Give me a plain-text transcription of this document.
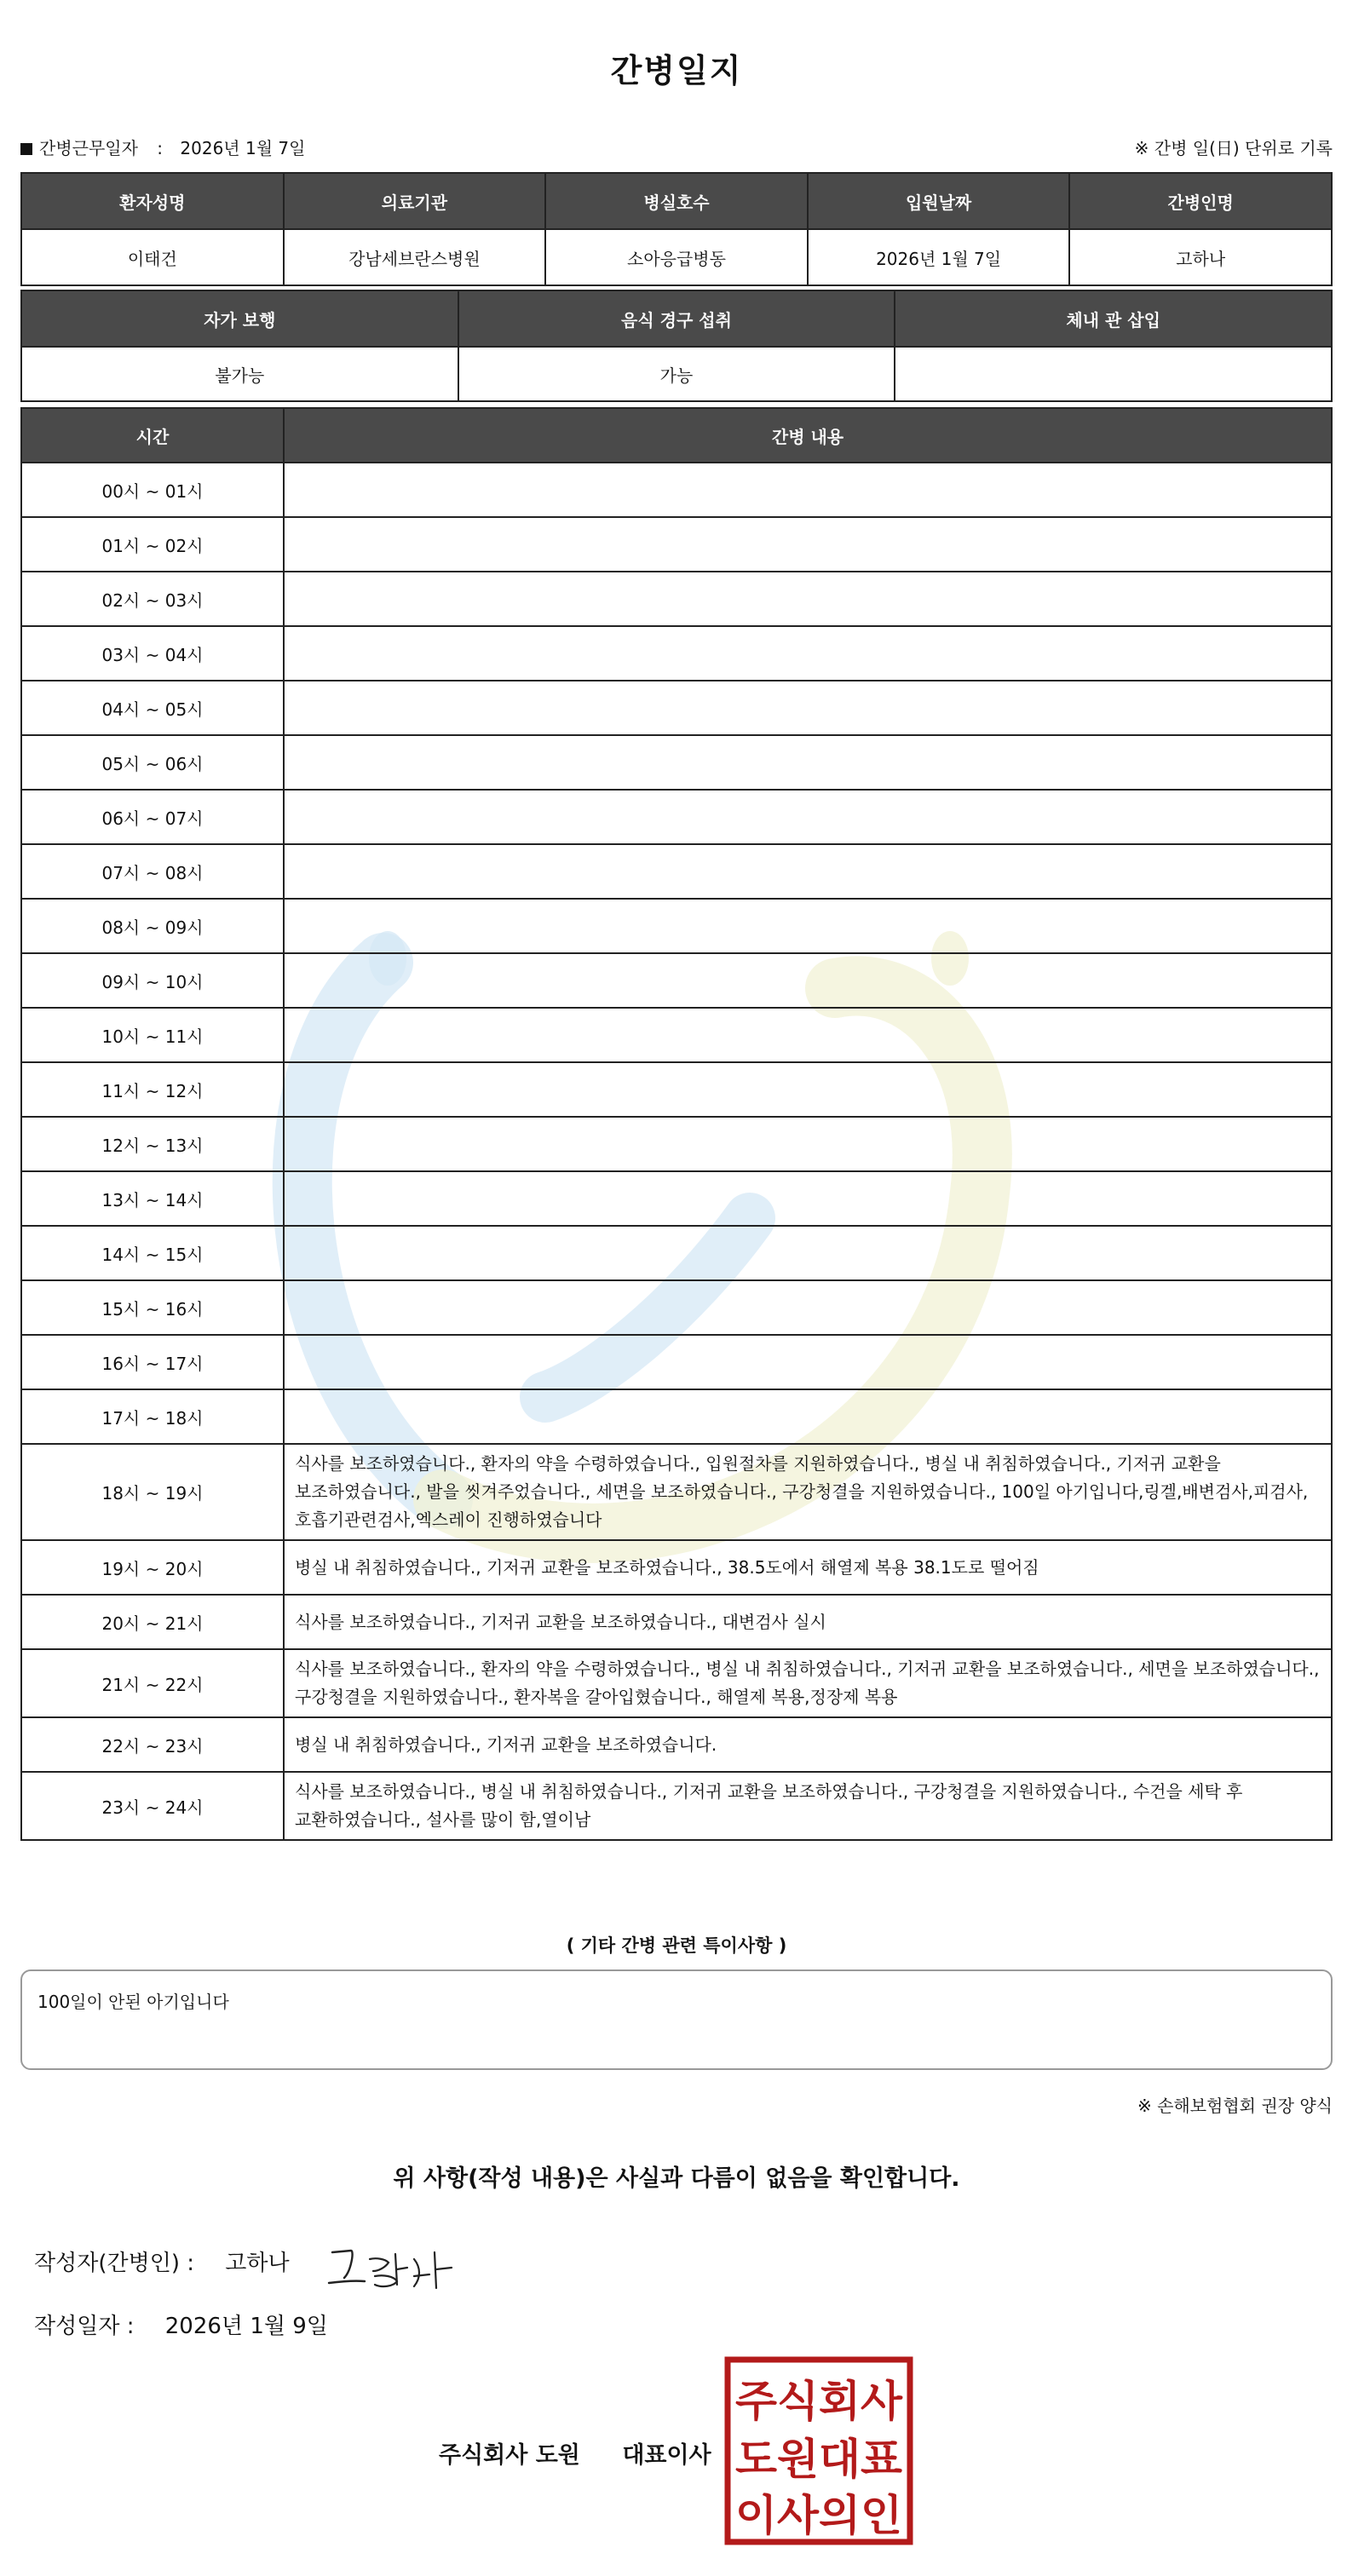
간병일지
간병근무일자 : 2026년 1월 7일	※ 간병 일(日) 단위로 기록
환자성명	의료기관	병실호수	입원날짜	간병인명
이태건	강남세브란스병원	소아응급병동	2026년 1월 7일	고하나
자가 보행	음식 경구 섭취	체내 관 삽입
불가능	가능	
시간	간병 내용
00시 ~ 01시	
01시 ~ 02시	
02시 ~ 03시	
03시 ~ 04시	
04시 ~ 05시	
05시 ~ 06시	
06시 ~ 07시	
07시 ~ 08시	
08시 ~ 09시	
09시 ~ 10시	
10시 ~ 11시	
11시 ~ 12시	
12시 ~ 13시	
13시 ~ 14시	
14시 ~ 15시	
15시 ~ 16시	
16시 ~ 17시	
17시 ~ 18시	
18시 ~ 19시	식사를 보조하였습니다., 환자의 약을 수령하였습니다., 입원절차를 지원하였습니다., 병실 내 취침하였습니다., 기저귀 교환을 보조하였습니다., 발을 씻겨주었습니다., 세면을 보조하였습니다., 구강청결을 지원하였습니다., 100일 아기입니다,링겔,배변검사,피검사, 호흡기관련검사,엑스레이 진행하였습니다
19시 ~ 20시	병실 내 취침하였습니다., 기저귀 교환을 보조하였습니다., 38.5도에서 해열제 복용 38.1도로 떨어짐
20시 ~ 21시	식사를 보조하였습니다., 기저귀 교환을 보조하였습니다., 대변검사 실시
21시 ~ 22시	식사를 보조하였습니다., 환자의 약을 수령하였습니다., 병실 내 취침하였습니다., 기저귀 교환을 보조하였습니다., 세면을 보조하였습니다., 구강청결을 지원하였습니다., 환자복을 갈아입혔습니다., 해열제 복용,정장제 복용
22시 ~ 23시	병실 내 취침하였습니다., 기저귀 교환을 보조하였습니다.
23시 ~ 24시	식사를 보조하였습니다., 병실 내 취침하였습니다., 기저귀 교환을 보조하였습니다., 구강청결을 지원하였습니다., 수건을 세탁 후 교환하였습니다., 설사를 많이 함,열이남
( 기타 간병 관련 특이사항 )
100일이 안된 아기입니다
※ 손해보험협회 권장 양식
위 사항(작성 내용)은 사실과 다름이 없음을 확인합니다.
작성자(간병인) : 고하나
작성일자 : 2026년 1월 9일
주식회사 도원 대표이사
주식회사
도원대표
이사의인
